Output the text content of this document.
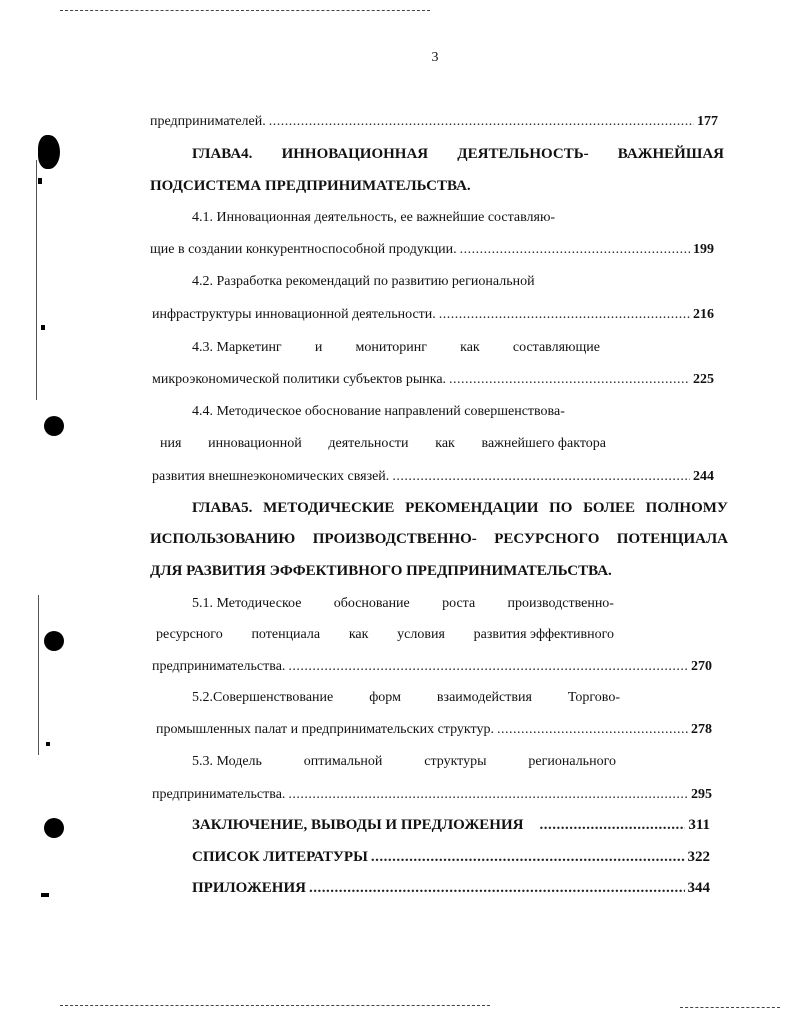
3
предпринимателей. .....	177
ГЛАВА4. ИННОВАЦИОННАЯ ДЕЯТЕЛЬНОСТЬ- ВАЖНЕЙШАЯ
ПОДСИСТЕМА ПРЕДПРИНИМАТЕЛЬСТВА.
4.1. Инновационная деятельность, ее важнейшие составляю-
щие в создании конкурентноспособной продукции. .....	199
4.2. Разработка рекомендаций по развитию региональной
инфраструктуры инновационной деятельности. .....	216
4.3. Маркетинг и мониторинг как составляющие
микроэкономической политики субъектов рынка. .....	225
4.4. Методическое обоснование направлений совершенствова-
ния инновационной деятельности как важнейшего фактора
развития внешнеэкономических связей. .....	244
ГЛАВА5. МЕТОДИЧЕСКИЕ РЕКОМЕНДАЦИИ ПО БОЛЕЕ ПОЛНОМУ
ИСПОЛЬЗОВАНИЮ ПРОИЗВОДСТВЕННО- РЕСУРСНОГО ПОТЕНЦИАЛА
ДЛЯ РАЗВИТИЯ ЭФФЕКТИВНОГО ПРЕДПРИНИМАТЕЛЬСТВА.
5.1. Методическое обоснование роста производственно-
ресурсного потенциала как условия развития эффективного
предпринимательства. .....	270
5.2.Совершенствование	форм	взаимодействия	Торгово-
промышленных палат и предпринимательских структур. .....	278
5.3. Модель	оптимальной	структуры	регионального
предпринимательства. .....	295
ЗАКЛЮЧЕНИЕ, ВЫВОДЫ И ПРЕДЛОЖЕНИЯ .....	311
СПИСОК ЛИТЕРАТУРЫ .....	322
ПРИЛОЖЕНИЯ .....	344
